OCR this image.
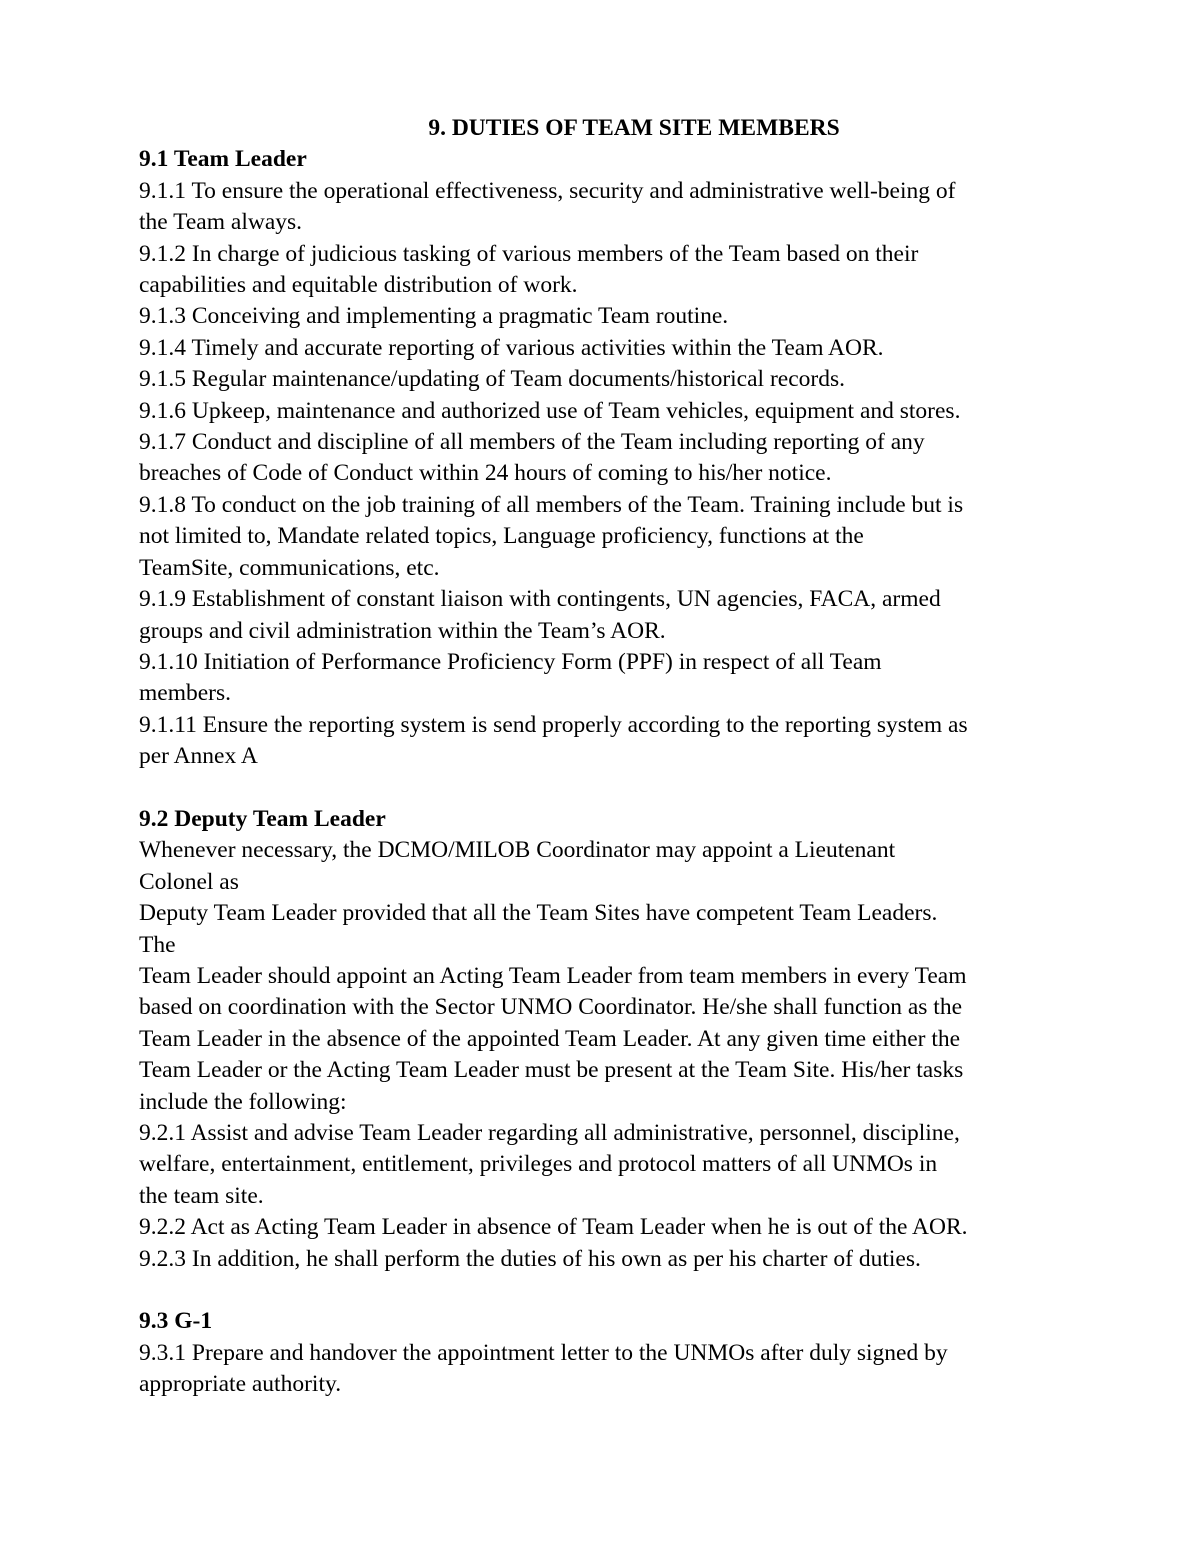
9. DUTIES OF TEAM SITE MEMBERS

9.1 Team Leader

9.1.1 To ensure the operational effectiveness, security and administrative well-being of

the Team always.

9.1.2 In charge of judicious tasking of various members of the Team based on their

capabilities and equitable distribution of work.

9.1.3 Conceiving and implementing a pragmatic Team routine.

9.1.4 Timely and accurate reporting of various activities within the Team AOR.

9.1.5 Regular maintenance/updating of Team documents/historical records.

9.1.6 Upkeep, maintenance and authorized use of Team vehicles, equipment and stores.

9.1.7 Conduct and discipline of all members of the Team including reporting of any

breaches of Code of Conduct within 24 hours of coming to his/her notice.

9.1.8 To conduct on the job training of all members of the Team. Training include but is

not limited to, Mandate related topics, Language proficiency, functions at the

TeamSite, communications, etc.

9.1.9 Establishment of constant liaison with contingents, UN agencies, FACA, armed

groups and civil administration within the Team’s AOR.

9.1.10 Initiation of Performance Proficiency Form (PPF) in respect of all Team

members.

9.1.11 Ensure the reporting system is send properly according to the reporting system as

per Annex A

9.2 Deputy Team Leader

Whenever necessary, the DCMO/MILOB Coordinator may appoint a Lieutenant

Colonel as

Deputy Team Leader provided that all the Team Sites have competent Team Leaders.

The

Team Leader should appoint an Acting Team Leader from team members in every Team

based on coordination with the Sector UNMO Coordinator. He/she shall function as the

Team Leader in the absence of the appointed Team Leader. At any given time either the

Team Leader or the Acting Team Leader must be present at the Team Site. His/her tasks

include the following:

9.2.1 Assist and advise Team Leader regarding all administrative, personnel, discipline,

welfare, entertainment, entitlement, privileges and protocol matters of all UNMOs in

the team site.

9.2.2 Act as Acting Team Leader in absence of Team Leader when he is out of the AOR.

9.2.3 In addition, he shall perform the duties of his own as per his charter of duties.

9.3 G-1

9.3.1 Prepare and handover the appointment letter to the UNMOs after duly signed by

appropriate authority.
